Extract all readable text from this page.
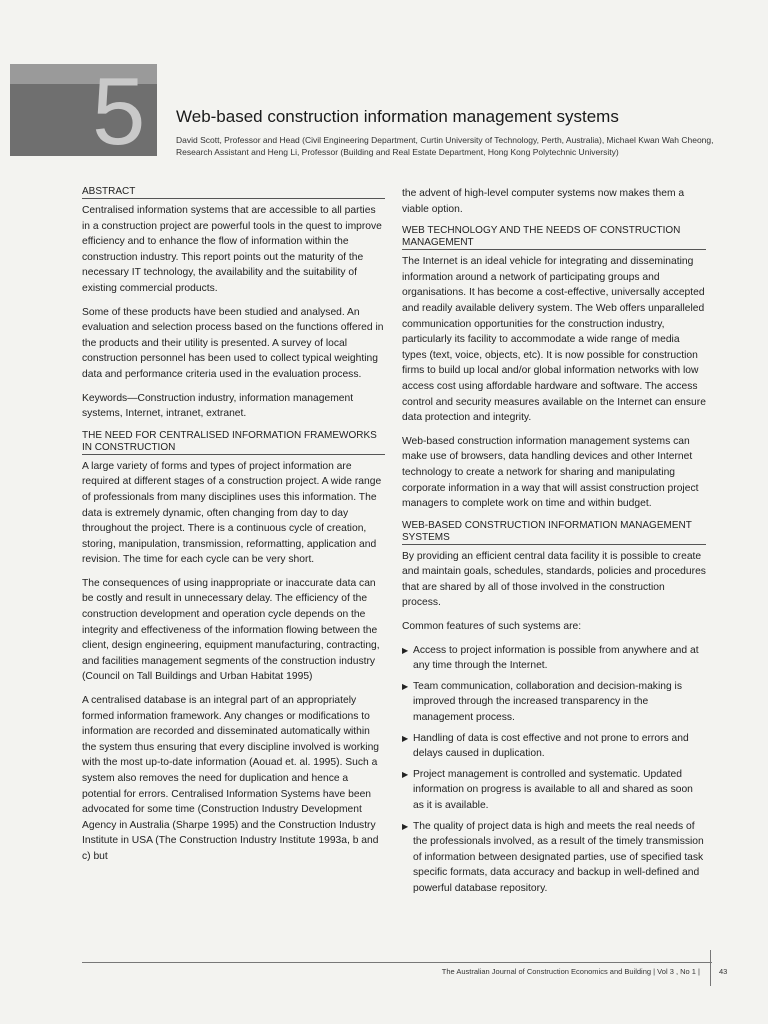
5	Web-based construction information management systems
David Scott, Professor and Head (Civil Engineering Department, Curtin University of Technology, Perth, Australia), Michael Kwan Wah Cheong, Research Assistant and Heng Li, Professor (Building and Real Estate Department, Hong Kong Polytechnic University)
ABSTRACT

Centralised information systems that are accessible to all parties in a construction project are powerful tools in the quest to improve efficiency and to enhance the flow of information within the construction industry. This report points out the maturity of the necessary IT technology, the availability and the suitability of existing commercial products.

Some of these products have been studied and analysed. An evaluation and selection process based on the functions offered in the products and their utility is presented. A survey of local construction personnel has been used to collect typical weighting data and performance criteria used in the evaluation process.

Keywords—Construction industry, information management systems, Internet, intranet, extranet.

THE NEED FOR CENTRALISED INFORMATION FRAMEWORKS IN CONSTRUCTION

A large variety of forms and types of project information are required at different stages of a construction project. A wide range of professionals from many disciplines uses this information. The data is extremely dynamic, often changing from day to day throughout the project. There is a continuous cycle of creation, storing, manipulation, transmission, reformatting, application and revision. The time for each cycle can be very short.

The consequences of using inappropriate or inaccurate data can be costly and result in unnecessary delay. The efficiency of the construction development and operation cycle depends on the integrity and effectiveness of the information flowing between the client, design engineering, equipment manufacturing, contracting, and facilities management segments of the construction industry (Council on Tall Buildings and Urban Habitat 1995)

A centralised database is an integral part of an appropriately formed information framework. Any changes or modifications to information are recorded and disseminated automatically within the system thus ensuring that every discipline involved is working with the most up-to-date information (Aouad et. al. 1995). Such a system also removes the need for duplication and hence a potential for errors. Centralised Information Systems have been advocated for some time (Construction Industry Development Agency in Australia (Sharpe 1995) and the Construction Industry Institute in USA (The Construction Industry Institute 1993a, b and c) but

the advent of high-level computer systems now makes them a viable option.

WEB TECHNOLOGY AND THE NEEDS OF CONSTRUCTION MANAGEMENT

The Internet is an ideal vehicle for integrating and disseminating information around a network of participating groups and organisations. It has become a cost-effective, universally accepted and readily available delivery system. The Web offers unparalleled communication opportunities for the construction industry, particularly its facility to accommodate a wide range of media types (text, voice, objects, etc). It is now possible for construction firms to build up local and/or global information networks with low access cost using affordable hardware and software. The access control and security measures available on the Internet can ensure data protection and integrity.

Web-based construction information management systems can make use of browsers, data handling devices and other Internet technology to create a network for sharing and manipulating corporate information in a way that will assist construction project managers to complete work on time and within budget.

WEB-BASED CONSTRUCTION INFORMATION MANAGEMENT SYSTEMS

By providing an efficient central data facility it is possible to create and maintain goals, schedules, standards, policies and procedures that are shared by all of those involved in the construction process.

Common features of such systems are:

▶ Access to project information is possible from anywhere and at any time through the Internet.
▶ Team communication, collaboration and decision-making is improved through the increased transparency in the management process.
▶ Handling of data is cost effective and not prone to errors and delays caused in duplication.
▶ Project management is controlled and systematic. Updated information on progress is available to all and shared as soon as it is available.
▶ The quality of project data is high and meets the real needs of the professionals involved, as a result of the timely transmission of information between designated parties, use of specified task specific formats, data accuracy and backup in well-defined and powerful database repository.
The Australian Journal of Construction Economics and Building | Vol 3 , No 1 |	43
